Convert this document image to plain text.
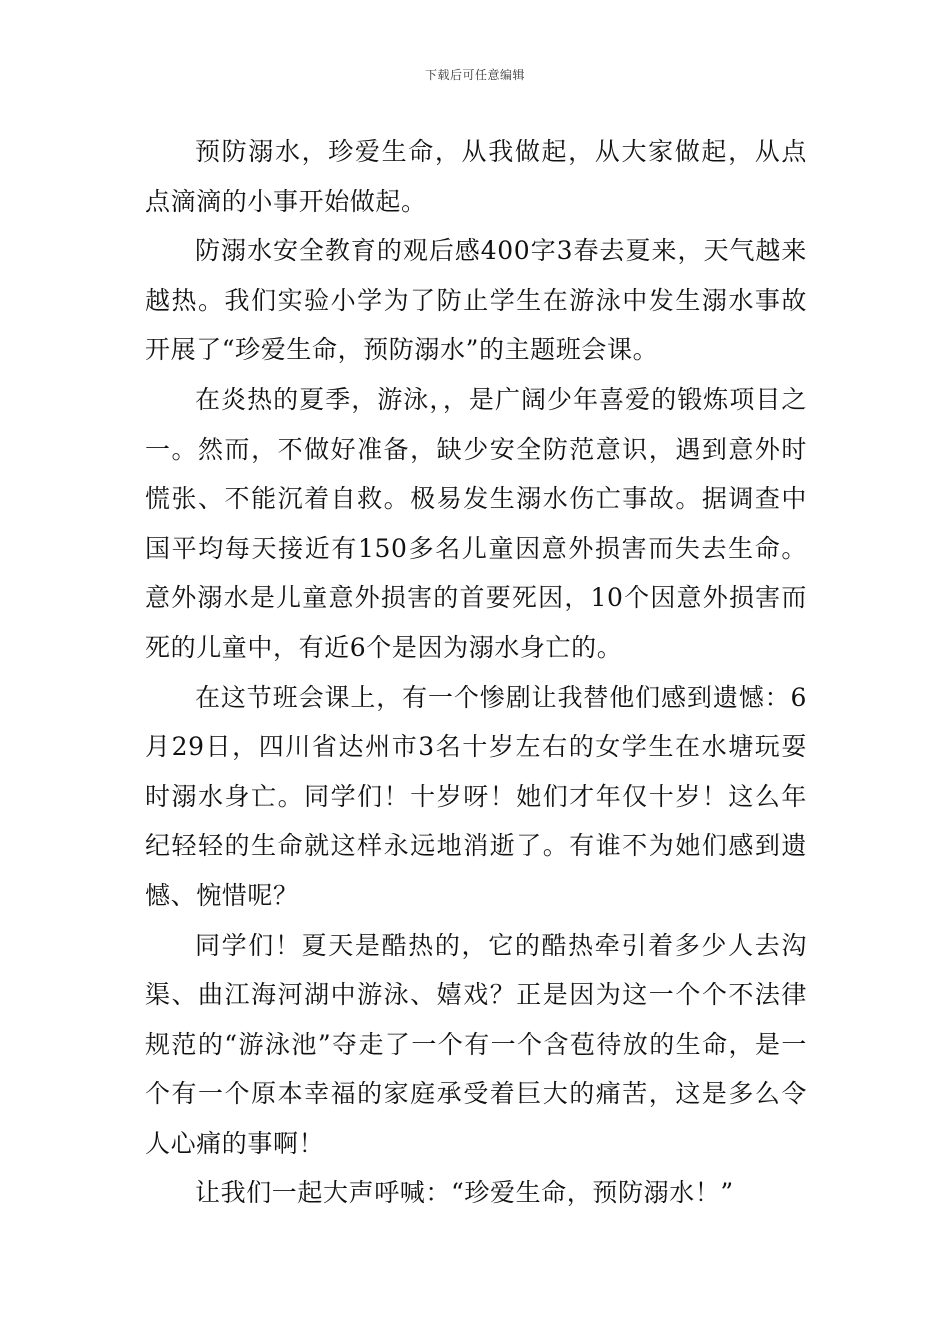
下载后可任意编辑

预防溺水，珍爱生命，从我做起，从大家做起，从点点滴滴的小事开始做起。

防溺水安全教育的观后感400字3春去夏来，天气越来越热。我们实验小学为了防止学生在游泳中发生溺水事故开展了“珍爱生命，预防溺水”的主题班会课。

在炎热的夏季，游泳，，是广阔少年喜爱的锻炼项目之一。然而，不做好准备，缺少安全防范意识，遇到意外时慌张、不能沉着自救。极易发生溺水伤亡事故。据调查中国平均每天接近有150多名儿童因意外损害而失去生命。意外溺水是儿童意外损害的首要死因，10个因意外损害而死的儿童中，有近6个是因为溺水身亡的。

在这节班会课上，有一个惨剧让我替他们感到遗憾：6月29日，四川省达州市3名十岁左右的女学生在水塘玩耍时溺水身亡。同学们！十岁呀！她们才年仅十岁！这么年纪轻轻的生命就这样永远地消逝了。有谁不为她们感到遗憾、惋惜呢？

同学们！夏天是酷热的，它的酷热牵引着多少人去沟渠、曲江海河湖中游泳、嬉戏？正是因为这一个个不法律规范的“游泳池”夺走了一个有一个含苞待放的生命，是一个有一个原本幸福的家庭承受着巨大的痛苦，这是多么令人心痛的事啊！

让我们一起大声呼喊：“珍爱生命，预防溺水！”
